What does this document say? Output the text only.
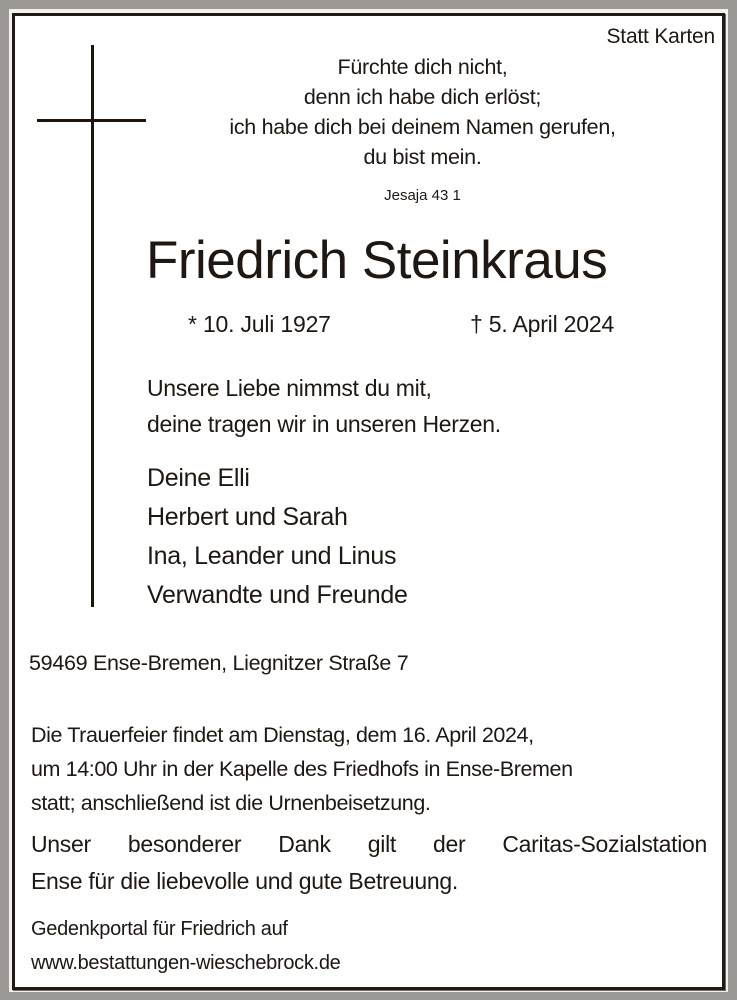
Statt Karten
Fürchte dich nicht,
denn ich habe dich erlöst;
ich habe dich bei deinem Namen gerufen,
du bist mein.
Jesaja 43 1
Friedrich Steinkraus
* 10. Juli 1927	† 5. April 2024
Unsere Liebe nimmst du mit,
deine tragen wir in unseren Herzen.
Deine Elli
Herbert und Sarah
Ina, Leander und Linus
Verwandte und Freunde
59469 Ense-Bremen, Liegnitzer Straße 7
Die Trauerfeier findet am Dienstag, dem 16. April 2024,
um 14:00 Uhr in der Kapelle des Friedhofs in Ense-Bremen
statt; anschließend ist die Urnenbeisetzung.
Unser besonderer Dank gilt der Caritas-Sozialstation
Ense für die liebevolle und gute Betreuung.
Gedenkportal für Friedrich auf
www.bestattungen-wieschebrock.de
